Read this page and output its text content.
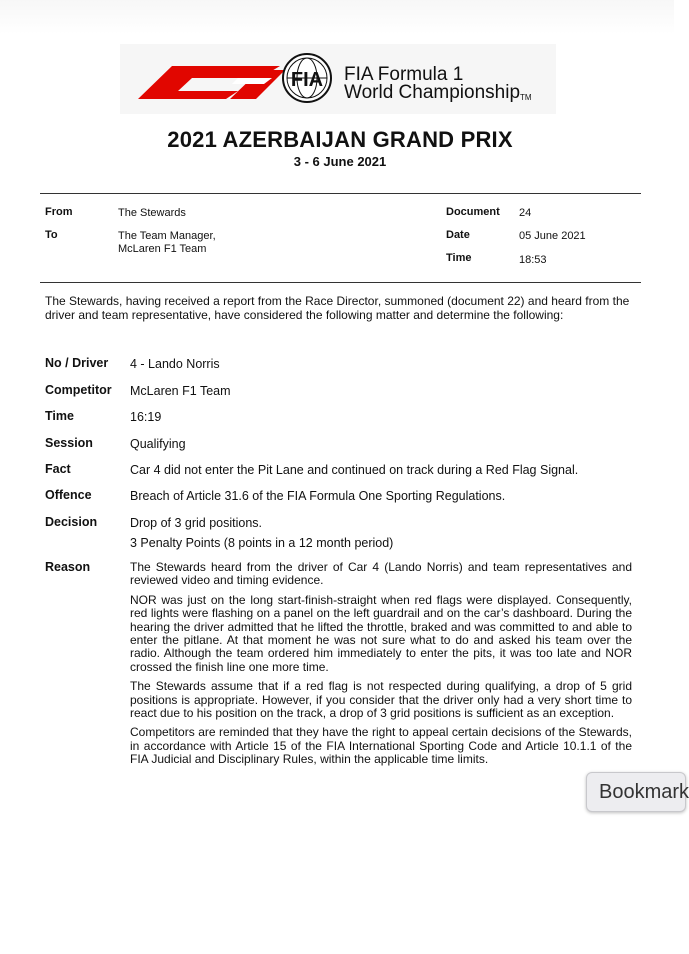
FIA FIA Formula 1
World Championship™
2021 AZERBAIJAN GRAND PRIX
3 - 6 June 2021
From	The Stewards
To	The Team Manager,
McLaren F1 Team
Document 24
Date	05 June 2021
Time	18:53
The Stewards, having received a report from the Race Director, summoned (document 22) and heard from the driver and team representative, have considered the following matter and determine the following:
No / Driver 4 - Lando Norris
Competitor McLaren F1 Team
Time	16:19
Session	Qualifying
Fact	Car 4 did not enter the Pit Lane and continued on track during a Red Flag Signal.
Offence	Breach of Article 31.6 of the FIA Formula One Sporting Regulations.
Decision	Drop of 3 grid positions.
3 Penalty Points (8 points in a 12 month period)
Reason	The Stewards heard from the driver of Car 4 (Lando Norris) and team representatives and reviewed video and timing evidence.

NOR was just on the long start-finish-straight when red flags were displayed. Consequently, red lights were flashing on a panel on the left guardrail and on the car’s dashboard. During the hearing the driver admitted that he lifted the throttle, braked and was committed to and able to enter the pitlane. At that moment he was not sure what to do and asked his team over the radio. Although the team ordered him immediately to enter the pits, it was too late and NOR crossed the finish line one more time.

The Stewards assume that if a red flag is not respected during qualifying, a drop of 5 grid positions is appropriate. However, if you consider that the driver only had a very short time to react due to his position on the track, a drop of 3 grid positions is sufficient as an exception.

Competitors are reminded that they have the right to appeal certain decisions of the Stewards, in accordance with Article 15 of the FIA International Sporting Code and Article 10.1.1 of the FIA Judicial and Disciplinary Rules, within the applicable time limits.

Bookmark
